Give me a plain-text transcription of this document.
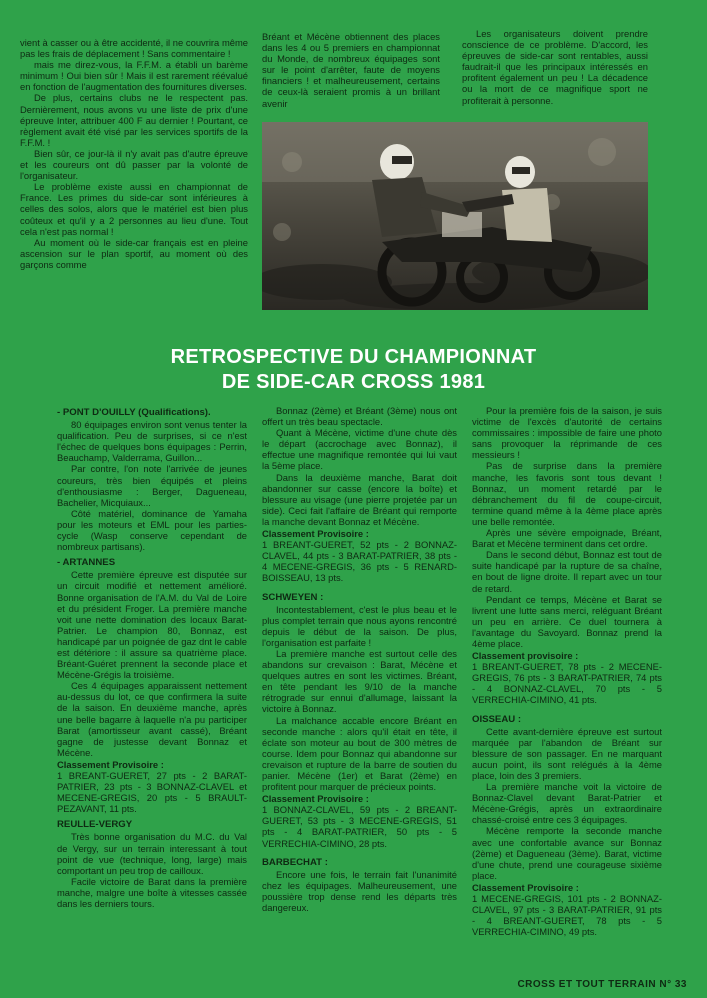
vient à casser ou à être accidenté, il ne couvrira même pas les frais de déplacement ! Sans commentaire !

mais me direz-vous, la F.F.M. a établi un barème minimum ! Oui bien sûr ! Mais il est rarement réévalué en fonction de l'augmentation des fournitures diverses.

De plus, certains clubs ne le respectent pas. Dernièrement, nous avons vu une liste de prix d'une épreuve Inter, attribuer 400 F au dernier ! Pourtant, ce règlement avait été visé par les services sportifs de la F.F.M. !

Bien sûr, ce jour-là il n'y avait pas d'autre épreuve et les coureurs ont dû passer par la volonté de l'organisateur.

Le problème existe aussi en championnat de France. Les primes du side-car sont inférieures à celles des solos, alors que le matériel est bien plus coûteux et qu'il y a 2 personnes au lieu d'une. Tout cela n'est pas normal !

Au moment où le side-car français est en pleine ascension sur le plan sportif, au moment où des garçons comme

Bréant et Mécène obtiennent des places dans les 4 ou 5 premiers en championnat du Monde, de nombreux équipages sont sur le point d'arrêter, faute de moyens financiers ! et malheureusement, certains de ceux-là seraient promis à un brillant avenir

Les organisateurs doivent prendre conscience de ce problème. D'accord, les épreuves de side-car sont rentables, aussi faudrait-il que les principaux intéressés en profitent également un peu ! La décadence ou la mort de ce magnifique sport ne profiterait à personne.

RETROSPECTIVE DU CHAMPIONNAT
DE SIDE-CAR CROSS 1981
- PONT D'OUILLY (Qualifications).

80 équipages environ sont venus tenter la qualification. Peu de surprises, si ce n'est l'échec de quelques bons équipages : Perrin, Beauchamp, Valderrama, Guillon...

Par contre, l'on note l'arrivée de jeunes coureurs, très bien équipés et pleins d'enthousiasme : Berger, Dagueneau, Bachelier, Micquiaux...

Côté matériel, dominance de Yamaha pour les moteurs et EML pour les parties-cycle (Wasp conserve cependant de nombreux partisans).

- ARTANNES

Cette première épreuve est disputée sur un circuit modifié et nettement amélioré. Bonne organisation de l'A.M. du Val de Loire et du président Froger. La première manche voit une nette domination des locaux Barat-Patrier. Le champion 80, Bonnaz, est handicapé par un poignée de gaz dnt le cable est détériore : il assure sa quatrième place. Bréant-Guéret prennent la seconde place et Mécène-Grégis la troisième.

Ces 4 équipages apparaissent nettement au-dessus du lot, ce que confirmera la suite de la saison. En deuxième manche, après une belle bagarre à laquelle n'a pu participer Barat (amortisseur avant cassé), Bréant gagne de justesse devant Bonnaz et Mécène.

Classement Provisoire :
1 BREANT-GUERET, 27 pts - 2 BARAT-PATRIER, 23 pts - 3 BONNAZ-CLAVEL et MECENE-GREGIS, 20 pts - 5 BRAULT-PEZAVANT, 11 pts.
REULLE-VERGY

Très bonne organisation du M.C. du Val de Vergy, sur un terrain interessant à tout point de vue (technique, long, large) mais comportant un peu trop de cailloux.

Facile victoire de Barat dans la première manche, malgre une boîte à vitesses cassée dans les derniers tours.

Bonnaz (2ème) et Bréant (3ème) nous ont offert un très beau spectacle.

Quant à Mécène, victime d'une chute dès le départ (accrochage avec Bonnaz), il effectue une magnifique remontée qui lui vaut la 5ème place.

Dans la deuxième manche, Barat doit abandonner sur casse (encore la boîte) et blessure au visage (une pierre projetée par un side). Ceci fait l'affaire de Bréant qui remporte la manche devant Bonnaz et Mécène.

Classement Provisoire :
1 BREANT-GUERET, 52 pts - 2 BONNAZ-CLAVEL, 44 pts - 3 BARAT-PATRIER, 38 pts - 4 MECENE-GREGIS, 36 pts - 5 RENARD-BOISSEAU, 13 pts.
SCHWEYEN :

Incontestablement, c'est le plus beau et le plus complet terrain que nous ayons rencontré depuis le début de la saison. De plus, l'organisation est parfaite !

La première manche est surtout celle des abandons sur crevaison : Barat, Mécène et quelques autres en sont les victimes. Bréant, en tête pendant les 9/10 de la manche rétrograde sur ennui d'allumage, laissant la victoire à Bonnaz.

La malchance accable encore Bréant en seconde manche : alors qu'il était en tête, il éclate son moteur au bout de 300 mètres de course. Idem pour Bonnaz qui abandonne sur crevaison et rupture de la barre de soutien du panier. Mécène (1er) et Barat (2ème) en profitent pour marquer de précieux points.

Classement Provisoire :
1 BONNAZ-CLAVEL, 59 pts - 2 BREANT-GUERET, 53 pts - 3 MECENE-GREGIS, 51 pts - 4 BARAT-PATRIER, 50 pts - 5 VERRECHIA-CIMINO, 28 pts.
BARBECHAT :

Encore une fois, le terrain fait l'unanimité chez les équipages. Malheureusement, une poussière trop dense rend les départs très dangereux.

Pour la première fois de la saison, je suis victime de l'excès d'autorité de certains commissaires : impossible de faire une photo sans provoquer la réprimande de ces messieurs !

Pas de surprise dans la première manche, les favoris sont tous devant ! Bonnaz, un moment retardé par le débranchement du fil de coupe-circuit, termine quand même à la 4ème place après une belle remontée.

Après une sévère empoignade, Bréant, Barat et Mécène terminent dans cet ordre.

Dans le second début, Bonnaz est tout de suite handicapé par la rupture de sa chaîne, en bout de ligne droite. Il repart avec un tour de retard.

Pendant ce temps, Mécène et Barat se livrent une lutte sans merci, reléguant Bréant un peu en arrière. Ce duel tournera à l'avantage du Savoyard. Bonnaz prend la 4ème place.

Classement provisoire :
1 BREANT-GUERET, 78 pts - 2 MECENE-GREGIS, 76 pts - 3 BARAT-PATRIER, 74 pts - 4 BONNAZ-CLAVEL, 70 pts - 5 VERRECHIA-CIMINO, 41 pts.
OISSEAU :

Cette avant-dernière épreuve est surtout marquée par l'abandon de Bréant sur blessure de son passager. En ne marquant aucun point, ils sont relégués à la 4ème place, loin des 3 premiers.

La première manche voit la victoire de Bonnaz-Clavel devant Barat-Patrier et Mécène-Grégis, après un extraordinaire chassé-croisé entre ces 3 équipages.

Mécène remporte la seconde manche avec une confortable avance sur Bonnaz (2ème) et Dagueneau (3ème). Barat, victime d'une chute, prend une courageuse sixième place.

Classement Provisoire :
1 MECENE-GREGIS, 101 pts - 2 BONNAZ-CLAVEL, 97 pts - 3 BARAT-PATRIER, 91 pts - 4 BREANT-GUERET, 78 pts - 5 VERRECHIA-CIMINO, 49 pts.
CROSS ET TOUT TERRAIN N° 33
